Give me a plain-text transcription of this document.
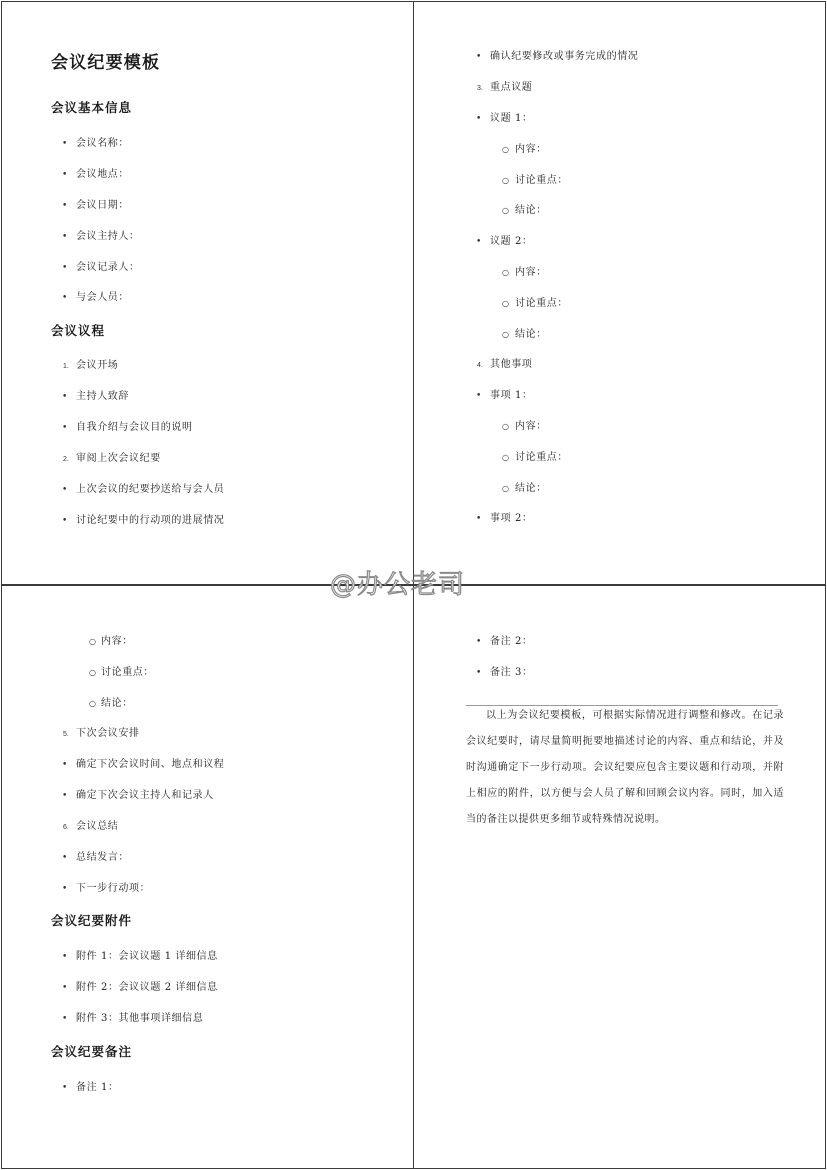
会议纪要模板
会议基本信息
• 会议名称：
• 会议地点：
• 会议日期：
• 会议主持人：
• 会议记录人：
• 与会人员：
会议议程
1. 会议开场
• 主持人致辞
• 自我介绍与会议目的说明
2. 审阅上次会议纪要
• 上次会议的纪要抄送给与会人员
• 讨论纪要中的行动项的进展情况
• 确认纪要修改或事务完成的情况
3. 重点议题
• 议题 1：
○ 内容：
○ 讨论重点：
○ 结论：
• 议题 2：
○ 内容：
○ 讨论重点：
○ 结论：
4. 其他事项
• 事项 1：
○ 内容：
○ 讨论重点：
○ 结论：
• 事项 2：
○ 内容：
○ 讨论重点：
○ 结论：
5. 下次会议安排
• 确定下次会议时间、地点和议程
• 确定下次会议主持人和记录人
6. 会议总结
• 总结发言：
• 下一步行动项：
会议纪要附件
• 附件 1：会议议题 1 详细信息
• 附件 2：会议议题 2 详细信息
• 附件 3：其他事项详细信息
会议纪要备注
• 备注 1：
• 备注 2：
• 备注 3：
以上为会议纪要模板，可根据实际情况进行调整和修改。在记录会议纪要时，请尽量简明扼要地描述讨论的内容、重点和结论，并及时沟通确定下一步行动项。会议纪要应包含主要议题和行动项，并附上相应的附件，以方便与会人员了解和回顾会议内容。同时，加入适当的备注以提供更多细节或特殊情况说明。
@办公老司
